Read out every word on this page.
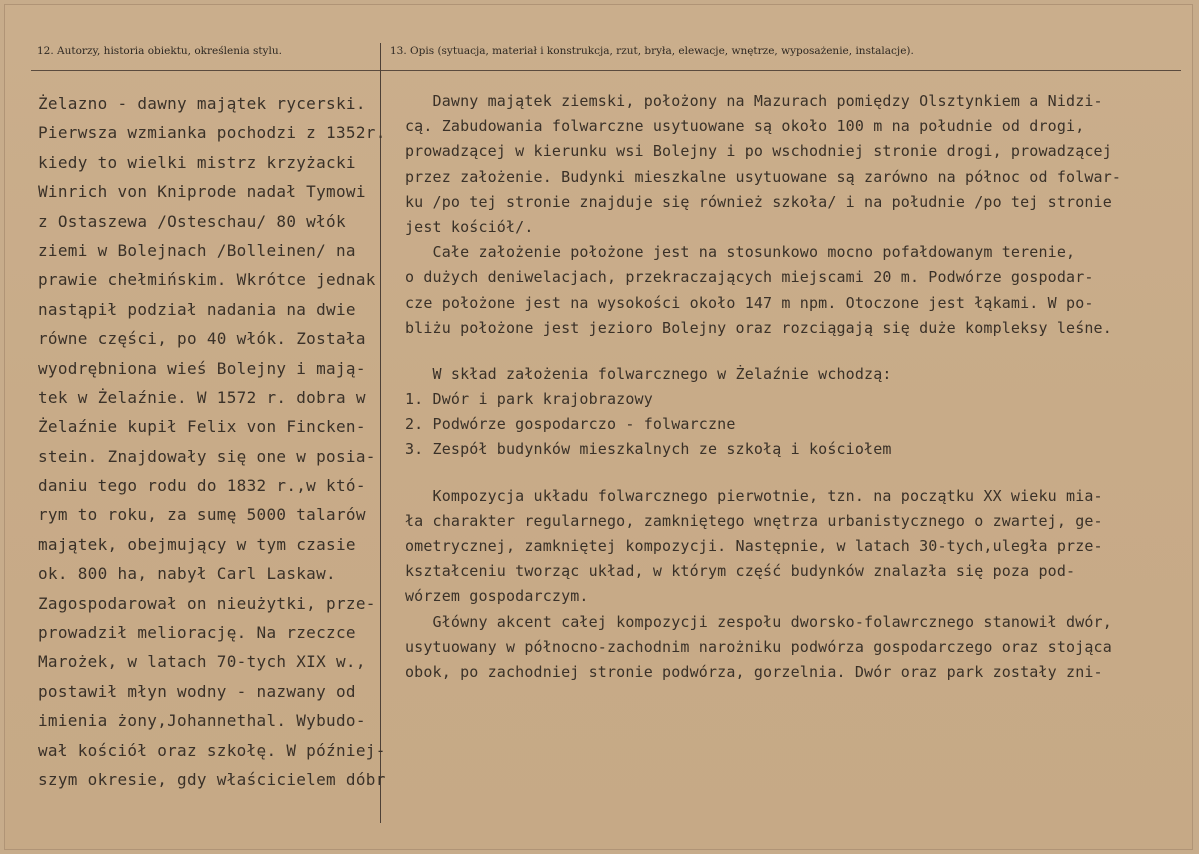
12. Autorzy, historia obiektu, określenia stylu.	13. Opis (sytuacja, materiał i konstrukcja, rzut, bryła, elewacje, wnętrze, wyposażenie, instalacje).
Żelazno - dawny majątek rycerski.
Pierwsza wzmianka pochodzi z 1352r.
kiedy to wielki mistrz krzyżacki
Winrich von Kniprode nadał Tymowi
z Ostaszewa /Osteschau/ 80 włók
ziemi w Bolejnach /Bolleinen/ na
prawie chełmińskim. Wkrótce jednak
nastąpił podział nadania na dwie
równe części, po 40 włók. Została
wyodrębniona wieś Bolejny i mają-
tek w Żelaźnie. W 1572 r. dobra w
Żelaźnie kupił Felix von Fincken-
stein. Znajdowały się one w posia-
daniu tego rodu do 1832 r.,w któ-
rym to roku, za sumę 5000 talarów
majątek, obejmujący w tym czasie
ok. 800 ha, nabył Carl Laskaw.
Zagospodarował on nieużytki, prze-
prowadził meliorację. Na rzeczce
Marożek, w latach 70-tych XIX w.,
postawił młyn wodny - nazwany od
imienia żony,Johannethal. Wybudo-
wał kościół oraz szkołę. W później-
szym okresie, gdy właścicielem dóbr
Dawny majątek ziemski, położony na Mazurach pomiędzy Olsztynkiem a Nidzi-
cą. Zabudowania folwarczne usytuowane są około 100 m na południe od drogi,
prowadzącej w kierunku wsi Bolejny i po wschodniej stronie drogi, prowadzącej
przez założenie. Budynki mieszkalne usytuowane są zarówno na północ od folwar-
ku /po tej stronie znajduje się również szkoła/ i na południe /po tej stronie
jest kościół/.
Całe założenie położone jest na stosunkowo mocno pofałdowanym terenie,
o dużych deniwelacjach, przekraczających miejscami 20 m. Podwórze gospodar-
cze położone jest na wysokości około 147 m npm. Otoczone jest łąkami. W po-
bliżu położone jest jezioro Bolejny oraz rozciągają się duże kompleksy leśne.
W skład założenia folwarcznego w Żelaźnie wchodzą:
1. Dwór i park krajobrazowy
2. Podwórze gospodarczo - folwarczne
3. Zespół budynków mieszkalnych ze szkołą i kościołem
Kompozycja układu folwarcznego pierwotnie, tzn. na początku XX wieku mia-
ła charakter regularnego, zamkniętego wnętrza urbanistycznego o zwartej, ge-
ometrycznej, zamkniętej kompozycji. Następnie, w latach 30-tych,uległa prze-
kształceniu tworząc układ, w którym część budynków znalazła się poza pod-
wórzem gospodarczym.
Główny akcent całej kompozycji zespołu dworsko-folawrcznego stanowił dwór,
usytuowany w północno-zachodnim narożniku podwórza gospodarczego oraz stojąca
obok, po zachodniej stronie podwórza, gorzelnia. Dwór oraz park zostały zni-
